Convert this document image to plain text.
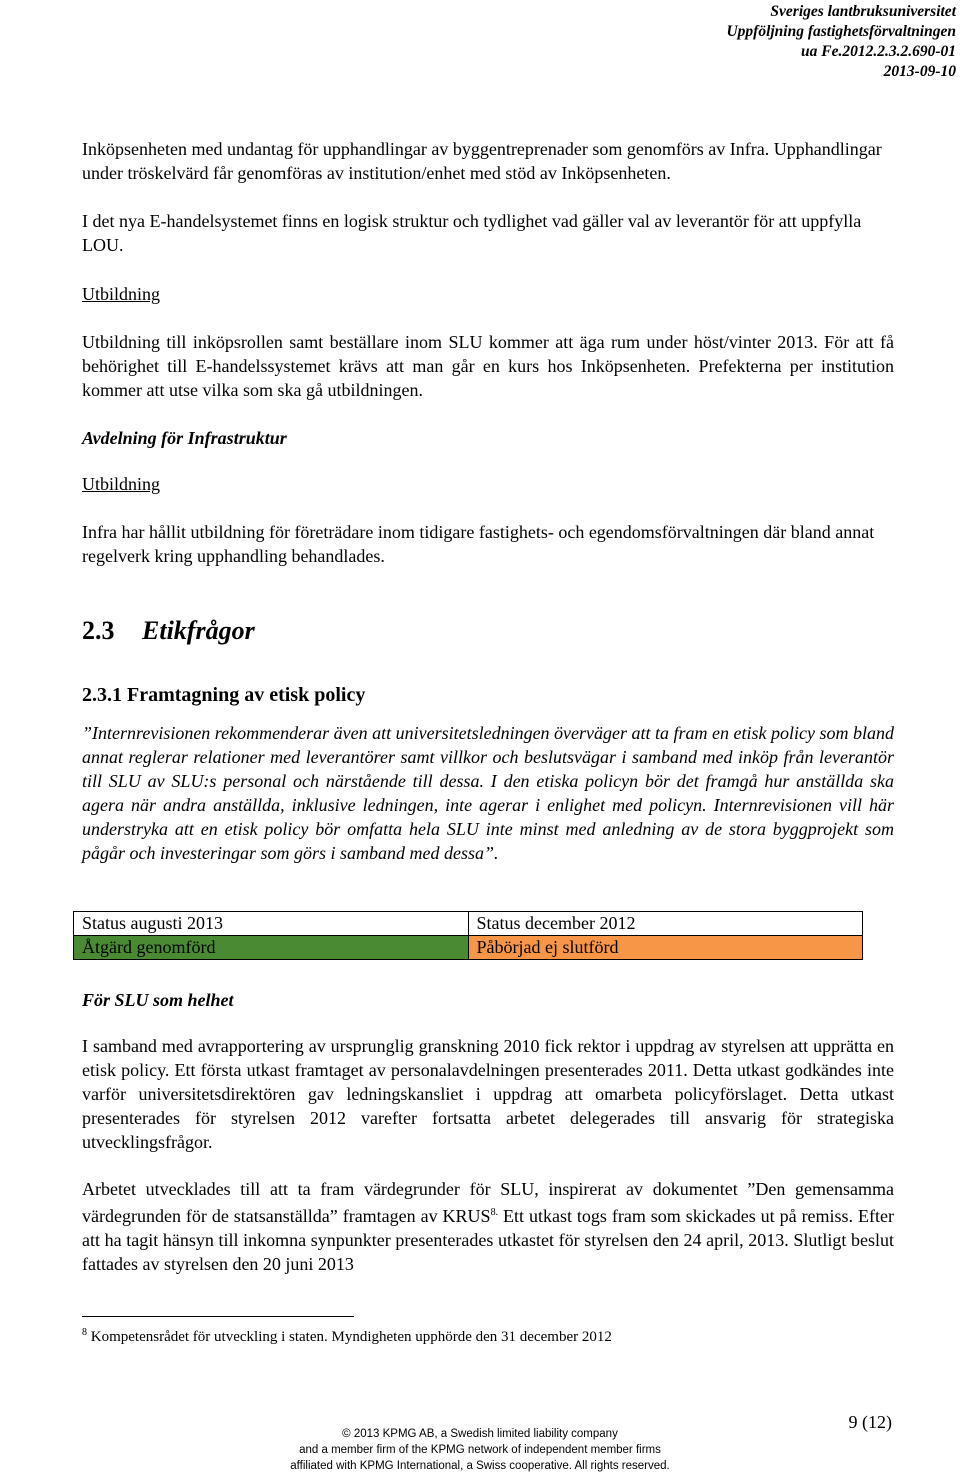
Sveriges lantbruksuniversitet
Uppföljning fastighetsförvaltningen
ua Fe.2012.2.3.2.690-01
2013-09-10
Inköpsenheten med undantag för upphandlingar av byggentreprenader som genomförs av Infra. Upphandlingar under tröskelvärd får genomföras av institution/enhet med stöd av Inköpsenheten.
I det nya E-handelsystemet finns en logisk struktur och tydlighet vad gäller val av leverantör för att uppfylla LOU.
Utbildning
Utbildning till inköpsrollen samt beställare inom SLU kommer att äga rum under höst/vinter 2013. För att få behörighet till E-handelssystemet krävs att man går en kurs hos Inköpsenheten. Prefekterna per institution kommer att utse vilka som ska gå utbildningen.
Avdelning för Infrastruktur
Utbildning
Infra har hållit utbildning för företrädare inom tidigare fastighets- och egendomsförvaltningen där bland annat regelverk kring upphandling behandlades.
2.3 Etikfrågor
2.3.1 Framtagning av etisk policy
”Internrevisionen rekommenderar även att universitetsledningen överväger att ta fram en etisk policy som bland annat reglerar relationer med leverantörer samt villkor och beslutsvägar i samband med inköp från leverantör till SLU av SLU:s personal och närstående till dessa. I den etiska policyn bör det framgå hur anställda ska agera när andra anställda, inklusive ledningen, inte agerar i enlighet med policyn. Internrevisionen vill här understryka att en etisk policy bör omfatta hela SLU inte minst med anledning av de stora byggprojekt som pågår och investeringar som görs i samband med dessa”.
Status augusti 2013	Status december 2012
Åtgärd genomförd	Påbörjad ej slutförd
För SLU som helhet
I samband med avrapportering av ursprunglig granskning 2010 fick rektor i uppdrag av styrelsen att upprätta en etisk policy. Ett första utkast framtaget av personalavdelningen presenterades 2011. Detta utkast godkändes inte varför universitetsdirektören gav ledningskansliet i uppdrag att omarbeta policyförslaget. Detta utkast presenterades för styrelsen 2012 varefter fortsatta arbetet delegerades till ansvarig för strategiska utvecklingsfrågor.
Arbetet utvecklades till att ta fram värdegrunder för SLU, inspirerat av dokumentet ”Den gemensamma värdegrunden för de statsanställda” framtagen av $KRUS^{8.}$ Ett utkast togs fram som skickades ut på remiss. Efter att ha tagit hänsyn till inkomna synpunkter presenterades utkastet för styrelsen den 24 april, 2013. Slutligt beslut fattades av styrelsen den 20 juni 2013
$^8$ Kompetensrådet för utveckling i staten. Myndigheten upphörde den 31 december 2012
9 (12)
© 2013 KPMG AB, a Swedish limited liability company
and a member firm of the KPMG network of independent member firms
affiliated with KPMG International, a Swiss cooperative. All rights reserved.
